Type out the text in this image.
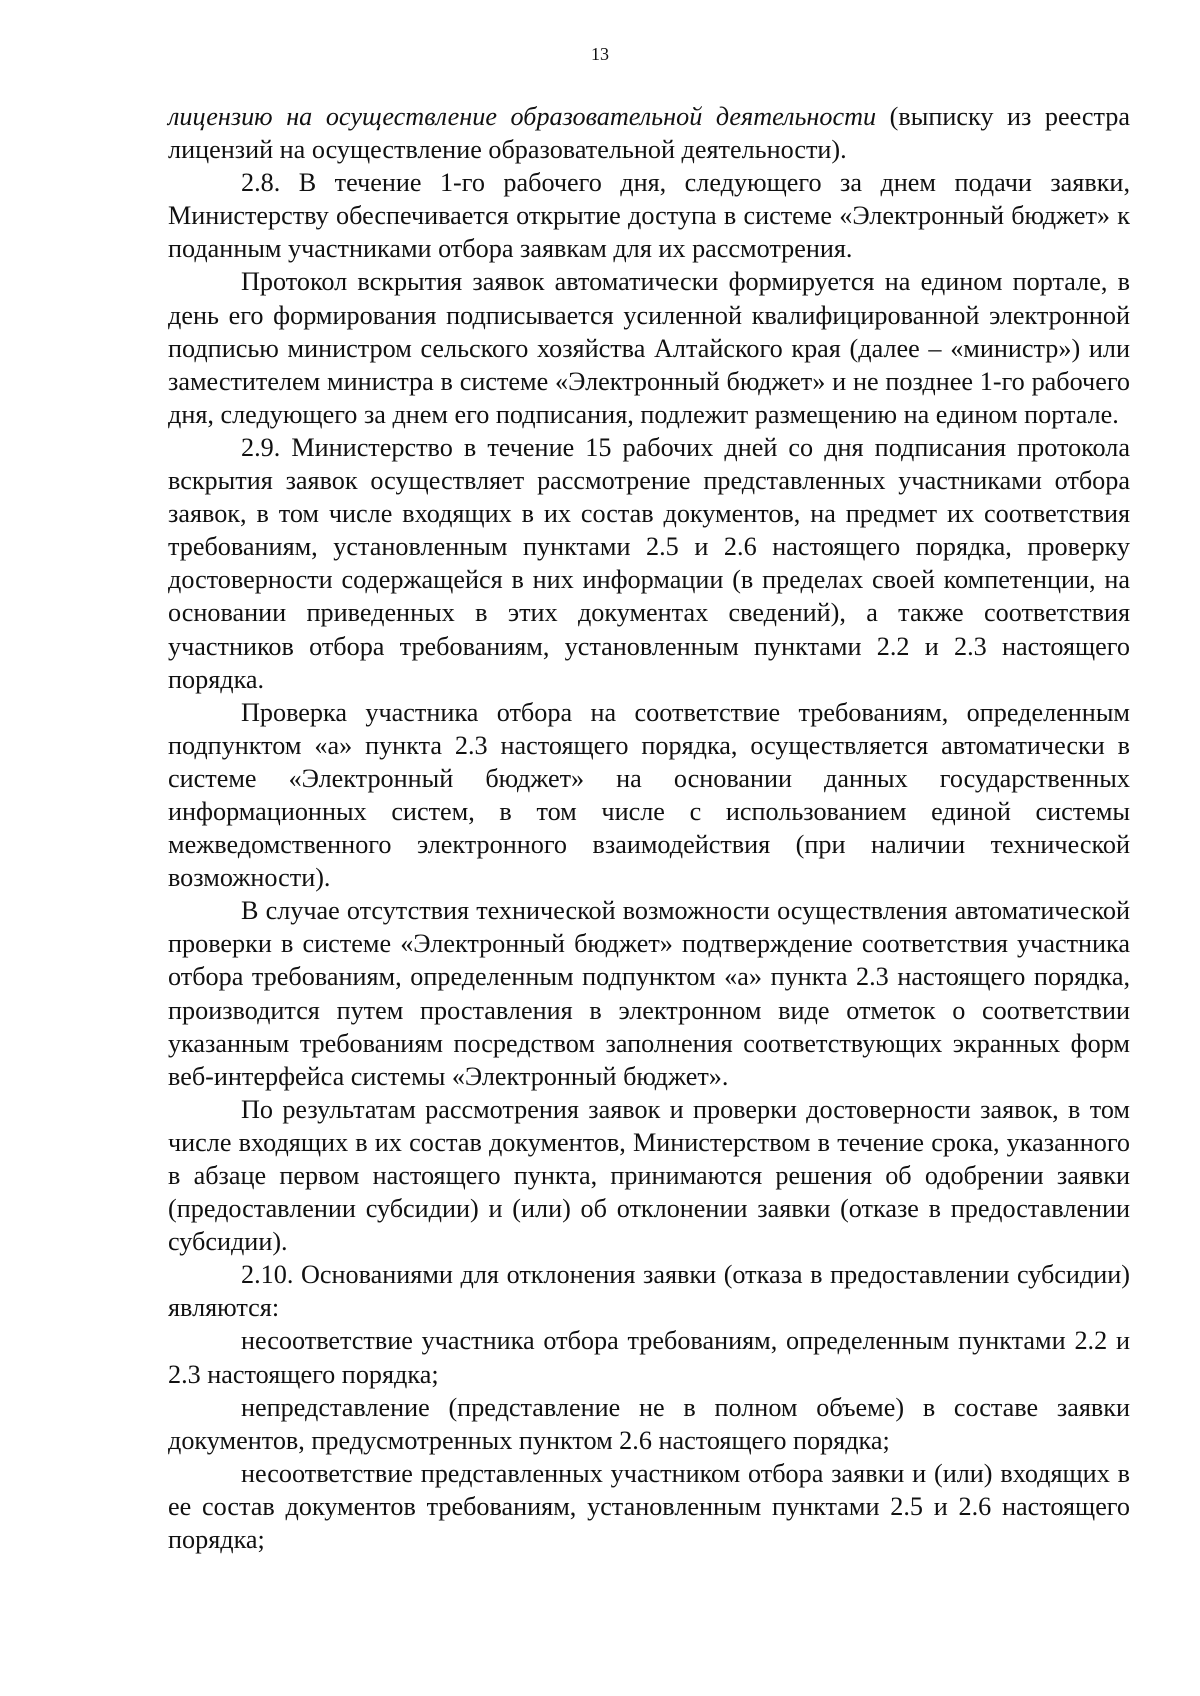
13

лицензию на осуществление образовательной деятельности (выписку из реестра лицензий на осуществление образовательной деятельности).

2.8. В течение 1-го рабочего дня, следующего за днем подачи заявки, Министерству обеспечивается открытие доступа в системе «Электронный бюджет» к поданным участниками отбора заявкам для их рассмотрения.

Протокол вскрытия заявок автоматически формируется на едином портале, в день его формирования подписывается усиленной квалифицированной электронной подписью министром сельского хозяйства Алтайского края (далее – «министр») или заместителем министра в системе «Электронный бюджет» и не позднее 1-го рабочего дня, следующего за днем его подписания, подлежит размещению на едином портале.

2.9. Министерство в течение 15 рабочих дней со дня подписания протокола вскрытия заявок осуществляет рассмотрение представленных участниками отбора заявок, в том числе входящих в их состав документов, на предмет их соответствия требованиям, установленным пунктами 2.5 и 2.6 настоящего порядка, проверку достоверности содержащейся в них информации (в пределах своей компетенции, на основании приведенных в этих документах сведений), а также соответствия участников отбора требованиям, установленным пунктами 2.2 и 2.3 настоящего порядка.

Проверка участника отбора на соответствие требованиям, определенным подпунктом «а» пункта 2.3 настоящего порядка, осуществляется автоматически в системе «Электронный бюджет» на основании данных государственных информационных систем, в том числе с использованием единой системы межведомственного электронного взаимодействия (при наличии технической возможности).

В случае отсутствия технической возможности осуществления автоматической проверки в системе «Электронный бюджет» подтверждение соответствия участника отбора требованиям, определенным подпунктом «а» пункта 2.3 настоящего порядка, производится путем проставления в электронном виде отметок о соответствии указанным требованиям посредством заполнения соответствующих экранных форм веб-интерфейса системы «Электронный бюджет».

По результатам рассмотрения заявок и проверки достоверности заявок, в том числе входящих в их состав документов, Министерством в течение срока, указанного в абзаце первом настоящего пункта, принимаются решения об одобрении заявки (предоставлении субсидии) и (или) об отклонении заявки (отказе в предоставлении субсидии).

2.10. Основаниями для отклонения заявки (отказа в предоставлении субсидии) являются:

несоответствие участника отбора требованиям, определенным пунктами 2.2 и 2.3 настоящего порядка;

непредставление (представление не в полном объеме) в составе заявки документов, предусмотренных пунктом 2.6 настоящего порядка;

несоответствие представленных участником отбора заявки и (или) входящих в ее состав документов требованиям, установленным пунктами 2.5 и 2.6 настоящего порядка;
